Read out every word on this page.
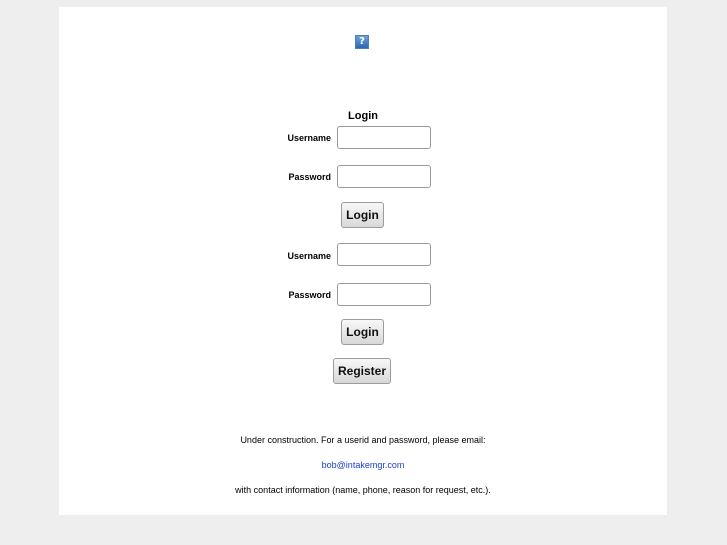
?
Login
Username
Password
Login
Username
Password
Login
Register
Under construction. For a userid and password, please email:
bob@intakemgr.com
with contact information (name, phone, reason for request, etc.).
